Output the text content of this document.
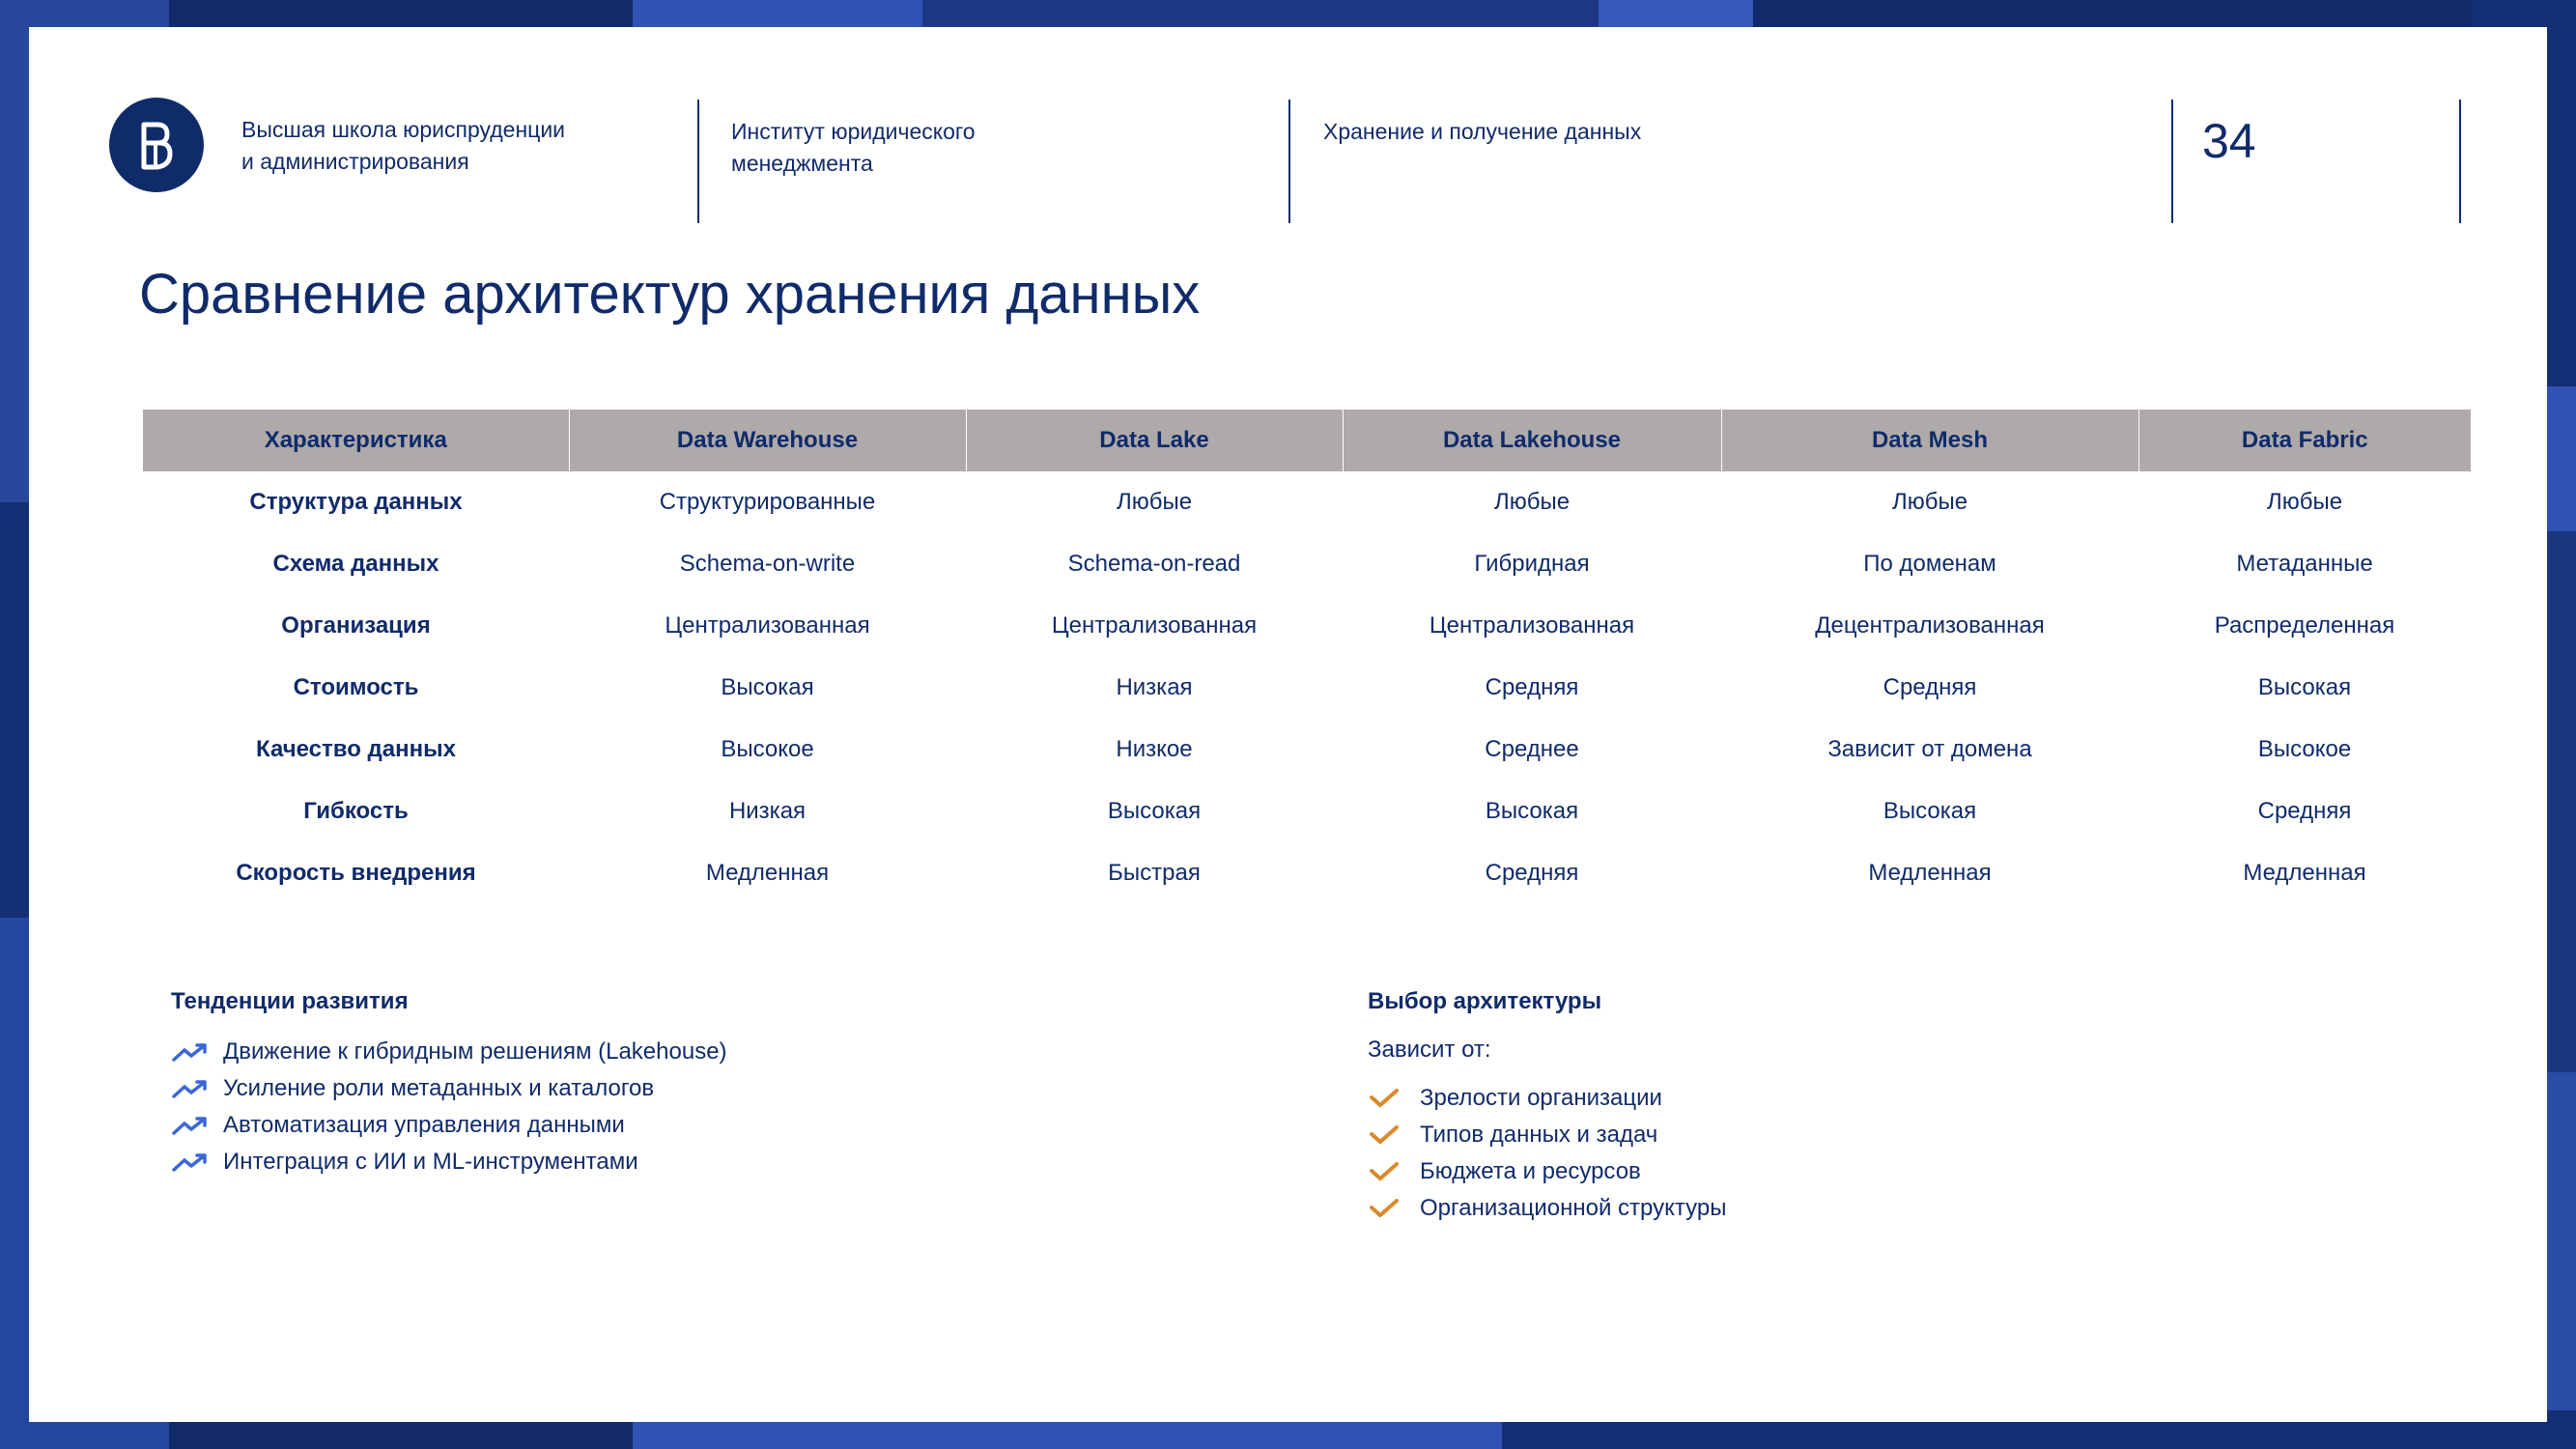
Высшая школа юриспруденции
и администрирования
Институт юридического
менеджмента
Хранение и получение данных	34
Сравнение архитектур хранения данных
Характеристика	Data Warehouse	Data Lake	Data Lakehouse	Data Mesh	Data Fabric
Структура данных	Структурированные	Любые	Любые	Любые	Любые
Схема данных	Schema-on-write	Schema-on-read	Гибридная	По доменам	Метаданные
Организация	Централизованная	Централизованная	Централизованная	Децентрализованная	Распределенная
Стоимость	Высокая	Низкая	Средняя	Средняя	Высокая
Качество данных	Высокое	Низкое	Среднее	Зависит от домена	Высокое
Гибкость	Низкая	Высокая	Высокая	Высокая	Средняя
Скорость внедрения	Медленная	Быстрая	Средняя	Медленная	Медленная
Тенденции развития
Движение к гибридным решениям (Lakehouse)
Усиление роли метаданных и каталогов
Автоматизация управления данными
Интеграция с ИИ и ML-инструментами
Выбор архитектуры
Зависит от:
Зрелости организации
Типов данных и задач
Бюджета и ресурсов
Организационной структуры
